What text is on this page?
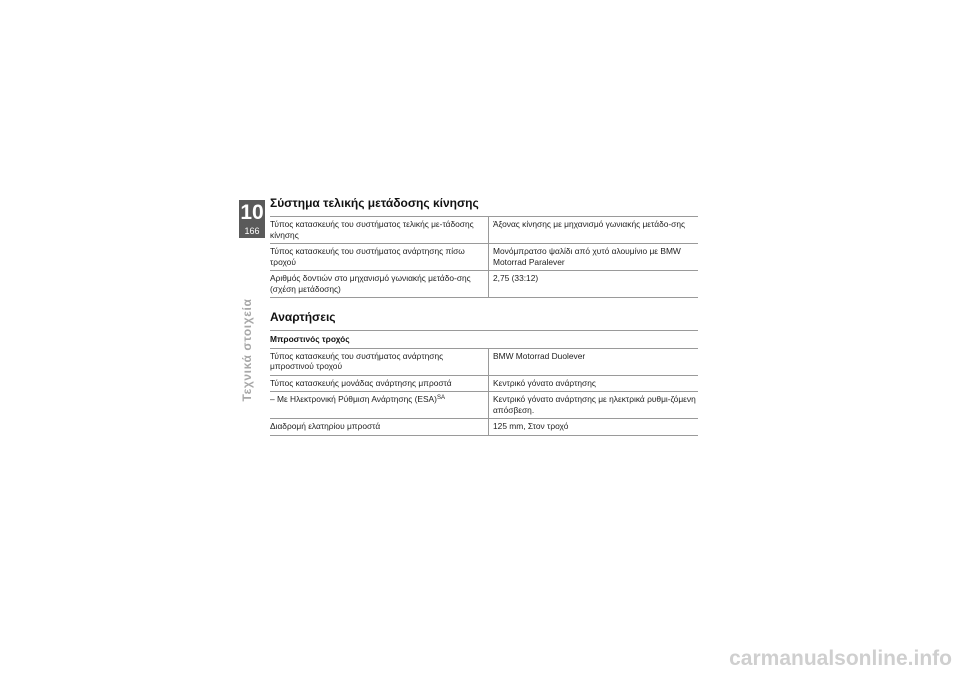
10
166
Τεχνικά στοιχεία
Σύστημα τελικής μετάδοσης κίνησης
Τύπος κατασκευής του συστήματος τελικής με-τάδοσης κίνησης	Άξονας κίνησης με μηχανισμό γωνιακής μετάδο-σης
Τύπος κατασκευής του συστήματος ανάρτησης πίσω τροχού	Μονόμπρατσο ψαλίδι από χυτό αλουμίνιο με BMW Motorrad Paralever
Αριθμός δοντιών στο μηχανισμό γωνιακής μετάδο-σης (σχέση μετάδοσης)	2,75 (33:12)
Αναρτήσεις
Μπροστινός τροχός	
Τύπος κατασκευής του συστήματος ανάρτησης μπροστινού τροχού	BMW Motorrad Duolever
Τύπος κατασκευής μονάδας ανάρτησης μπροστά	Κεντρικό γόνατο ανάρτησης
– Με Ηλεκτρονική Ρύθμιση Ανάρτησης (ESA)$^{SA}$	Κεντρικό γόνατο ανάρτησης με ηλεκτρικά ρυθμι-ζόμενη απόσβεση.
Διαδρομή ελατηρίου μπροστά	125 mm, Στον τροχό
carmanualsonline.info
